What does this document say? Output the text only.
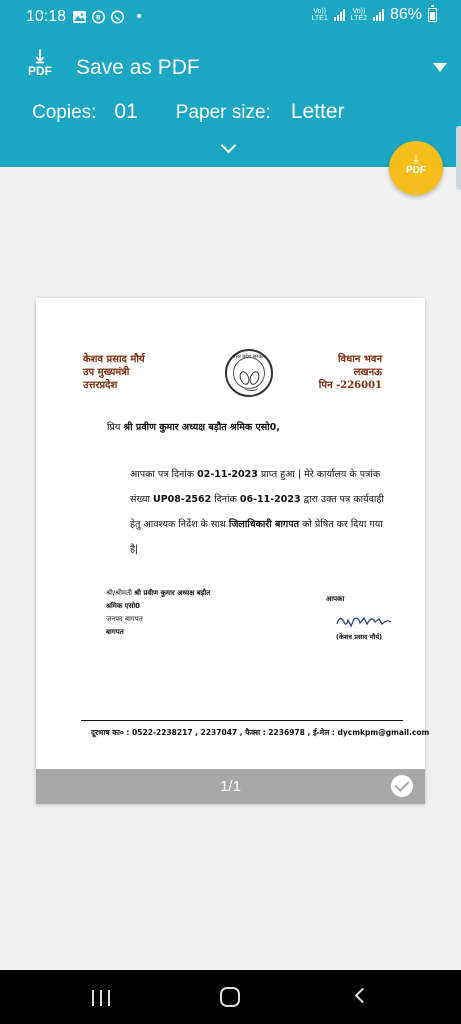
10:18	B •	Vo))
LTE1
Vo))
LTE2 86%
⤓
PDF Save as PDF
Copies: 01 Paper size: Letter
⤓
PDF
केशव प्रसाद मौर्य
उप मुख्यमंत्री
उत्तरप्रदेश
उत्तर प्रदेश सरकार	विधान भवन
लखनऊ
पिन -226001
प्रिय श्री प्रवीण कुमार अध्यक्ष बड़ौत श्रमिक एसो0,
आपका पत्र दिनांक 02-11-2023 प्राप्त हुआ | मेरे कार्यालय के पत्रांक संख्या UP08-2562 दिनांक 06-11-2023 द्वारा उक्त पत्र कार्यवाही हेतु आवश्यक निर्देश के साथ जिलाधिकारी बागपत को प्रेषित कर दिया गया है|
श्री/श्रीमती श्री प्रवीण कुमार अध्यक्ष बड़ौत
श्रमिक एसो0
जनपद बागपत
बागपत
आपका
(केशव प्रसाद मौर्य)
दूरभाष का० : 0522-2238217 , 2237047 , फैक्स : 2236978 , ई-मेल : dycmkpm@gmail.com
1/1
